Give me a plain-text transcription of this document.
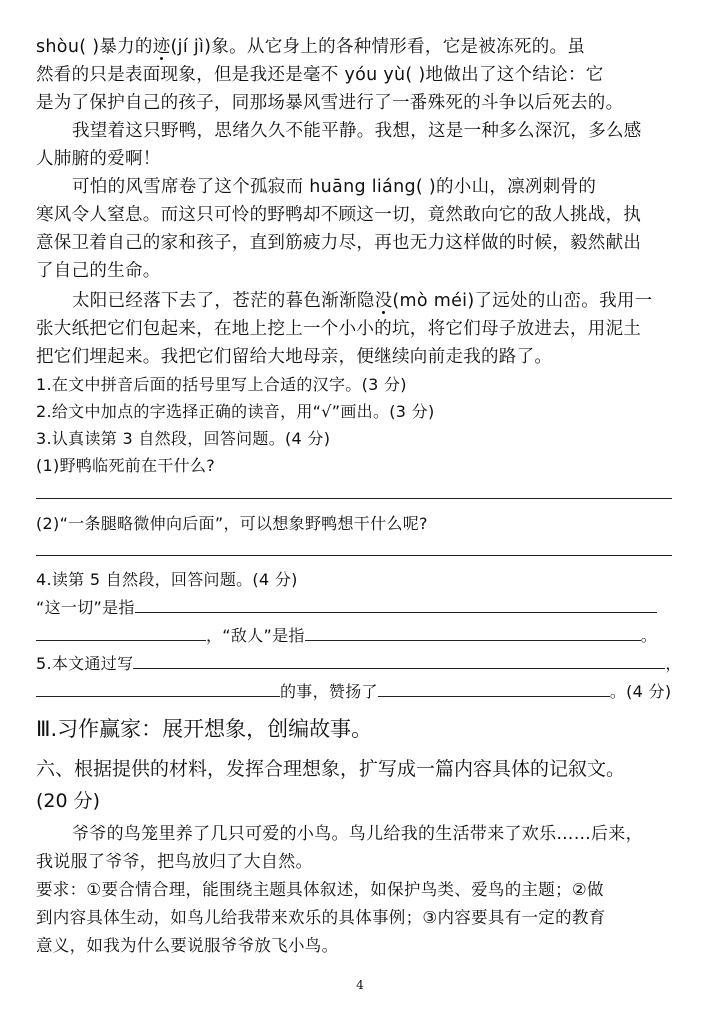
shòu( )暴力的迹(jí jì)象。从它身上的各种情形看，它是被冻死的。虽
然看的只是表面现象，但是我还是毫不 yóu yù( )地做出了这个结论：它
是为了保护自己的孩子，同那场暴风雪进行了一番殊死的斗争以后死去的。
我望着这只野鸭，思绪久久不能平静。我想，这是一种多么深沉，多么感
人肺腑的爱啊！
可怕的风雪席卷了这个孤寂而 huāng liáng( )的小山，凛冽刺骨的
寒风令人窒息。而这只可怜的野鸭却不顾这一切，竟然敢向它的敌人挑战，执
意保卫着自己的家和孩子，直到筋疲力尽，再也无力这样做的时候，毅然献出
了自己的生命。
太阳已经落下去了，苍茫的暮色渐渐隐没(mò méi)了远处的山峦。我用一
张大纸把它们包起来，在地上挖上一个小小的坑，将它们母子放进去，用泥土
把它们埋起来。我把它们留给大地母亲，便继续向前走我的路了。
1.在文中拼音后面的括号里写上合适的汉字。(3 分)
2.给文中加点的字选择正确的读音，用“√”画出。(3 分)
3.认真读第 3 自然段，回答问题。(4 分)
(1)野鸭临死前在干什么?
(2)“一条腿略微伸向后面”，可以想象野鸭想干什么呢?
4.读第 5 自然段，回答问题。(4 分)
“这一切”是指
，“敌人”是指	。
5.本文通过写	，
的事，赞扬了	。(4 分)
Ⅲ.习作赢家：展开想象，创编故事。
六、根据提供的材料，发挥合理想象，扩写成一篇内容具体的记叙文。
(20 分)
爷爷的鸟笼里养了几只可爱的小鸟。鸟儿给我的生活带来了欢乐……后来，
我说服了爷爷，把鸟放归了大自然。
要求：①要合情合理，能围绕主题具体叙述，如保护鸟类、爱鸟的主题；②做
到内容具体生动，如鸟儿给我带来欢乐的具体事例；③内容要具有一定的教育
意义，如我为什么要说服爷爷放飞小鸟。
4
